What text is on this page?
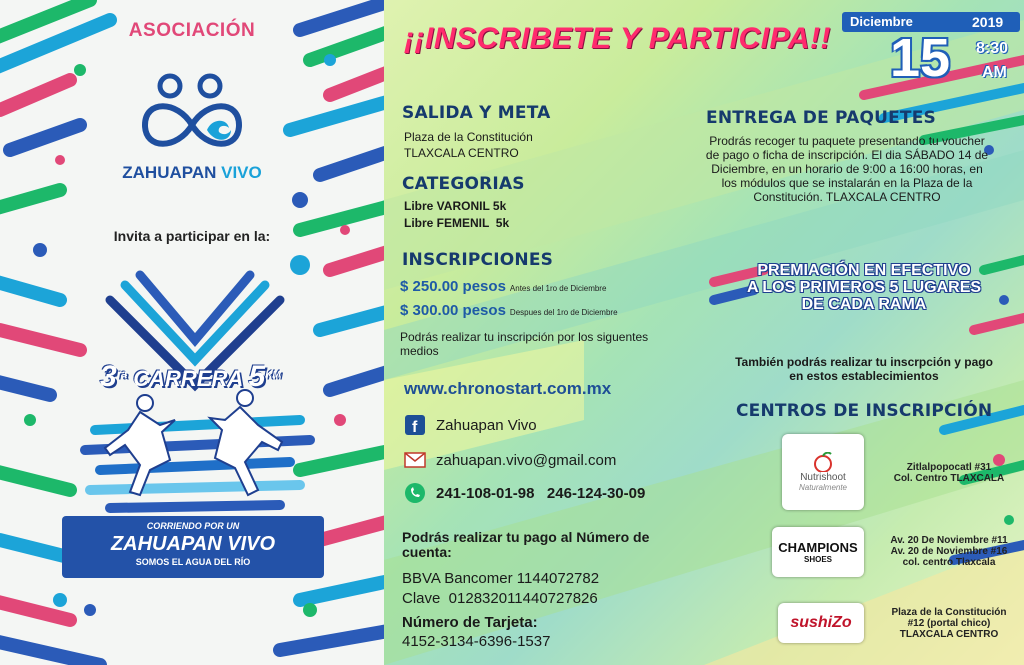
ASOCIACIÓN
ZAHUAPAN VIVO
Invita a participar en la:
$3^{ra}$ CARRERA $5^{KM}$
CORRIENDO POR UN
ZAHUAPAN VIVO
SOMOS EL AGUA DEL RÍO
¡¡INSCRIBETE Y PARTICIPA!!
Diciembre	2019
15 8:30
AM
SALIDA Y META
Plaza de la Constitución
TLAXCALA CENTRO
CATEGORIAS
Libre VARONIL 5k
Libre FEMENIL  5k
INSCRIPCIONES
$ 250.00 pesos Antes del 1ro de Diciembre
$ 300.00 pesos Despues del 1ro de Diciembre
Podrás realizar tu inscripción por los siguentes medios
www.chronostart.com.mx
f Zahuapan Vivo
zahuapan.vivo@gmail.com
241-108-01-98   246-124-30-09
Podrás realizar tu pago al Número de cuenta:
BBVA Bancomer 1144072782
Clave  012832011440727826
Número de Tarjeta:
4152-3134-6396-1537
ENTREGA DE PAQUETES
Prodrás recoger tu paquete presentando tu voucher de pago o ficha de inscripción. El dia SÁBADO 14 de Diciembre, en un horario de 9:00 a 16:00 horas, en los módulos que se instalarán en la Plaza de la Constitución. TLAXCALA CENTRO
PREMIACIÓN EN EFECTIVO
A LOS PRIMEROS 5 LUGARES
DE CADA RAMA
También podrás realizar tu inscrpción y pago en estos establecimientos
CENTROS DE INSCRIPCIÓN
Nutrishoot
Naturalmente
Zitlalpopocatl #31
Col. Centro TLAXCALA
CHAMPIONS
SHOES
Av. 20 De Noviembre #11
Av. 20 de Noviembre #16
col. centro Tlaxcala
sushiZo
Plaza de la Constitución
#12 (portal chico)
TLAXCALA CENTRO
